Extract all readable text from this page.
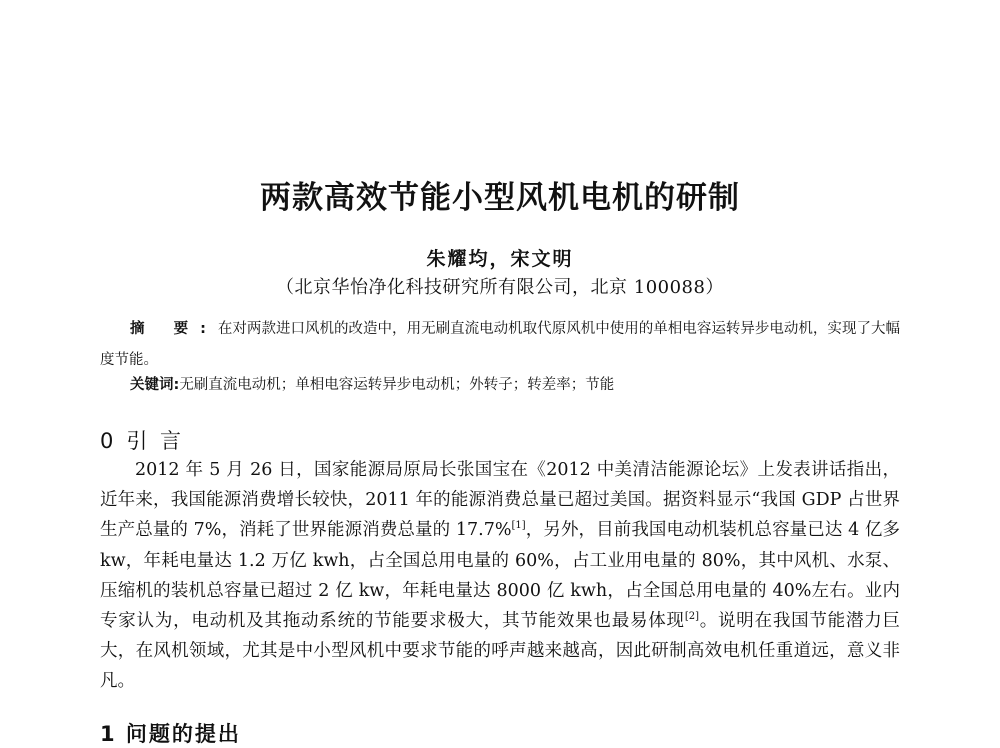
两款高效节能小型风机电机的研制
朱耀均，宋文明
（北京华怡净化科技研究所有限公司，北京 100088）

摘 要:在对两款进口风机的改造中，用无刷直流电动机取代原风机中使用的单相电容运转异步电动机，实现了大幅度节能。

关键词:无刷直流电动机；单相电容运转异步电动机；外转子；转差率；节能

0 引 言

2012 年 5 月 26 日，国家能源局原局长张国宝在《2012 中美清洁能源论坛》上发表讲话指出，近年来，我国能源消费增长较快，2011 年的能源消费总量已超过美国。据资料显示“我国 GDP 占世界生产总量的 7%，消耗了世界能源消费总量的 17.7%[1]，另外，目前我国电动机装机总容量已达 4 亿多 kw，年耗电量达 1.2 万亿 kwh，占全国总用电量的 60%，占工业用电量的 80%，其中风机、水泵、压缩机的装机总容量已超过 2 亿 kw，年耗电量达 8000 亿 kwh，占全国总用电量的 40%左右。业内专家认为，电动机及其拖动系统的节能要求极大，其节能效果也最易体现[2]。说明在我国节能潜力巨大，在风机领域，尤其是中小型风机中要求节能的呼声越来越高，因此研制高效电机任重道远，意义非凡。

1 问题的提出
